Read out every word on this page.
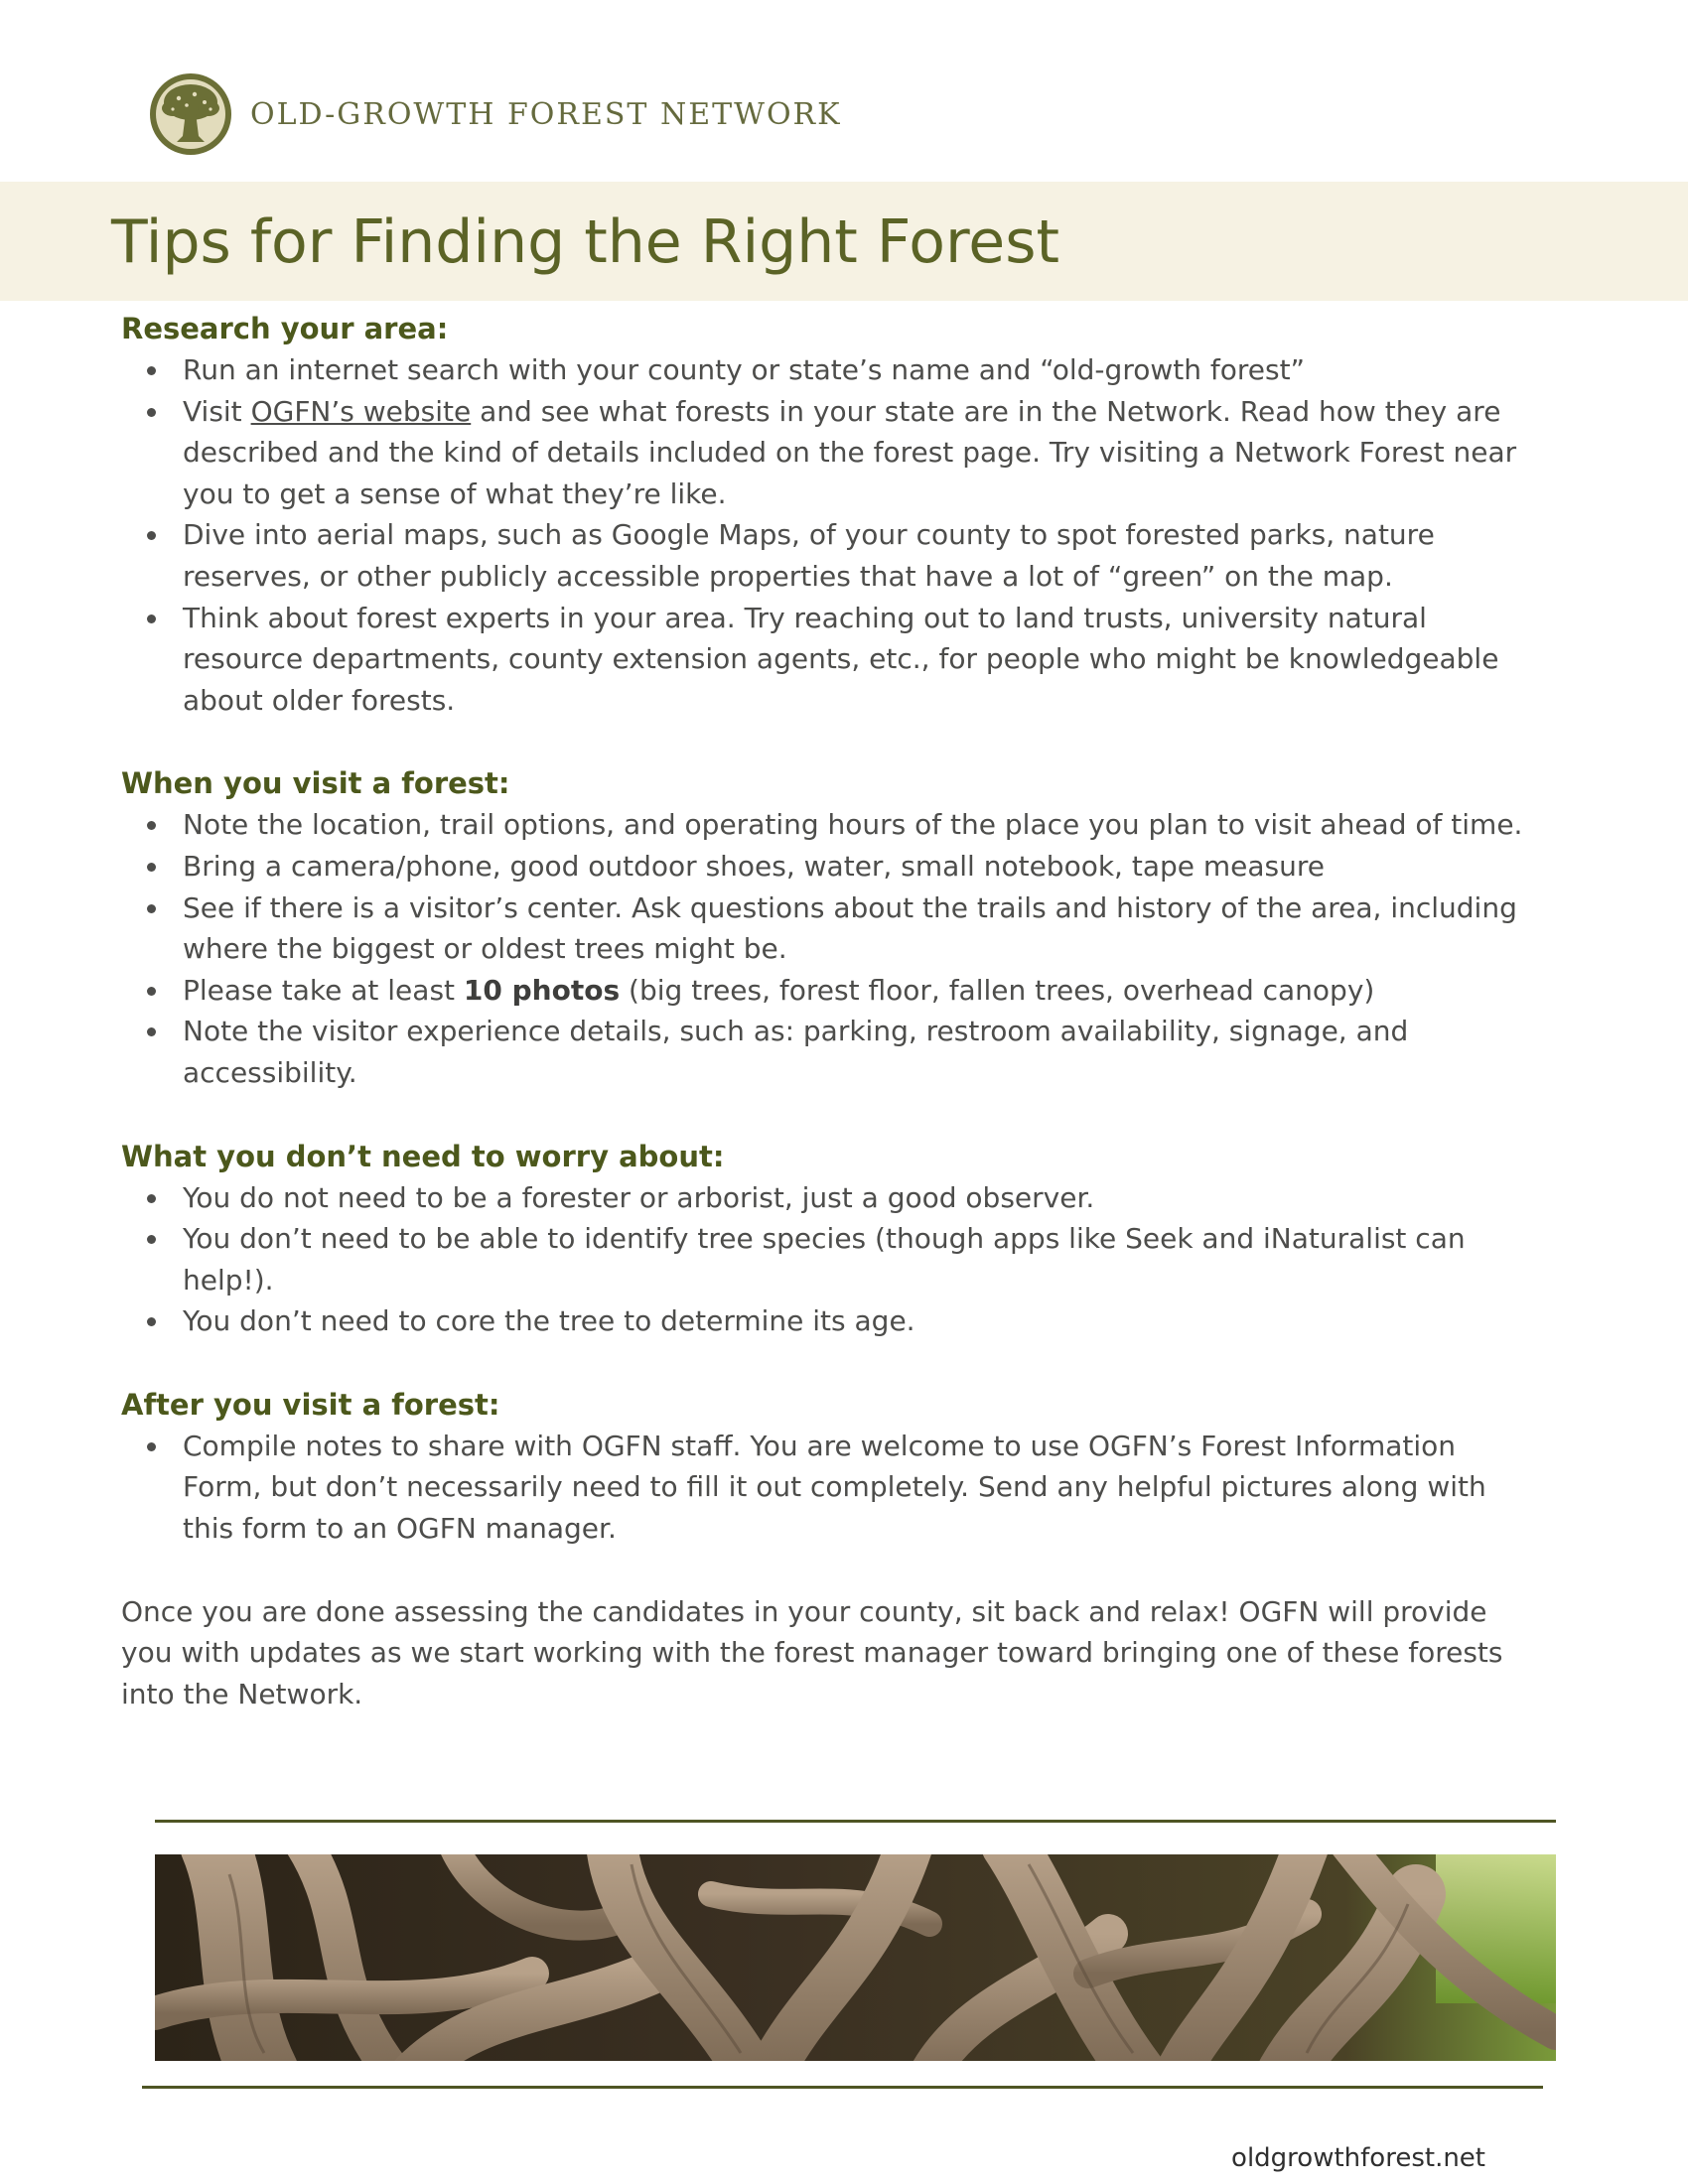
OLD-GROWTH FOREST NETWORK
Tips for Finding the Right Forest
Research your area:
Run an internet search with your county or state’s name and “old-growth forest”
Visit OGFN’s website and see what forests in your state are in the Network. Read how they are described and the kind of details included on the forest page. Try visiting a Network Forest near you to get a sense of what they’re like.
Dive into aerial maps, such as Google Maps, of your county to spot forested parks, nature reserves, or other publicly accessible properties that have a lot of “green” on the map.
Think about forest experts in your area. Try reaching out to land trusts, university natural resource departments, county extension agents, etc., for people who might be knowledgeable about older forests.
When you visit a forest:
Note the location, trail options, and operating hours of the place you plan to visit ahead of time.
Bring a camera/phone, good outdoor shoes, water, small notebook, tape measure
See if there is a visitor’s center. Ask questions about the trails and history of the area, including where the biggest or oldest trees might be.
Please take at least 10 photos (big trees, forest floor, fallen trees, overhead canopy)
Note the visitor experience details, such as: parking, restroom availability, signage, and accessibility.
What you don’t need to worry about:
You do not need to be a forester or arborist, just a good observer.
You don’t need to be able to identify tree species (though apps like Seek and iNaturalist can help!).
You don’t need to core the tree to determine its age.
After you visit a forest:
Compile notes to share with OGFN staff. You are welcome to use OGFN’s Forest Information Form, but don’t necessarily need to fill it out completely. Send any helpful pictures along with this form to an OGFN manager.

Once you are done assessing the candidates in your county, sit back and relax! OGFN will provide you with updates as we start working with the forest manager toward bringing one of these forests into the Network.

oldgrowthforest.net
